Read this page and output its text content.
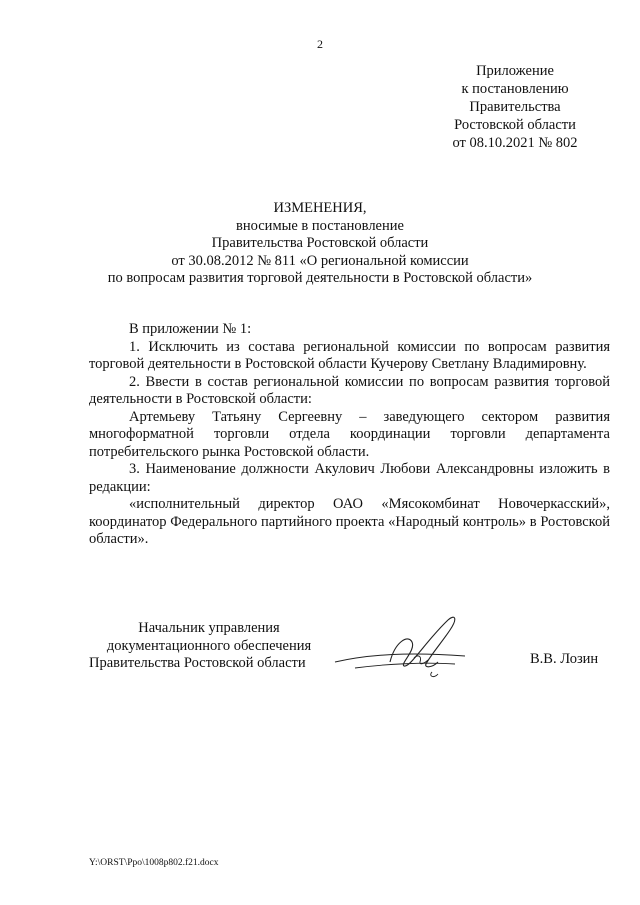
2
Приложение
к постановлению
Правительства
Ростовской области
от 08.10.2021 № 802
ИЗМЕНЕНИЯ,
вносимые в постановление
Правительства Ростовской области
от 30.08.2012 № 811 «О региональной комиссии
по вопросам развития торговой деятельности в Ростовской области»

В приложении № 1:

1. Исключить из состава региональной комиссии по вопросам развития торговой деятельности в Ростовской области Кучерову Светлану Владимировну.

2. Ввести в состав региональной комиссии по вопросам развития торговой деятельности в Ростовской области:

Артемьеву Татьяну Сергеевну – заведующего сектором развития многоформатной торговли отдела координации торговли департамента потребительского рынка Ростовской области.

3. Наименование должности Акулович Любови Александровны изложить в редакции:

«исполнительный директор ОАО «Мясокомбинат Новочеркасский», координатор Федерального партийного проекта «Народный контроль» в Ростовской области».

Начальник управления
документационного обеспечения
Правительства Ростовской области	В.В. Лозин
Y:\ORST\Ppo\1008p802.f21.docx
